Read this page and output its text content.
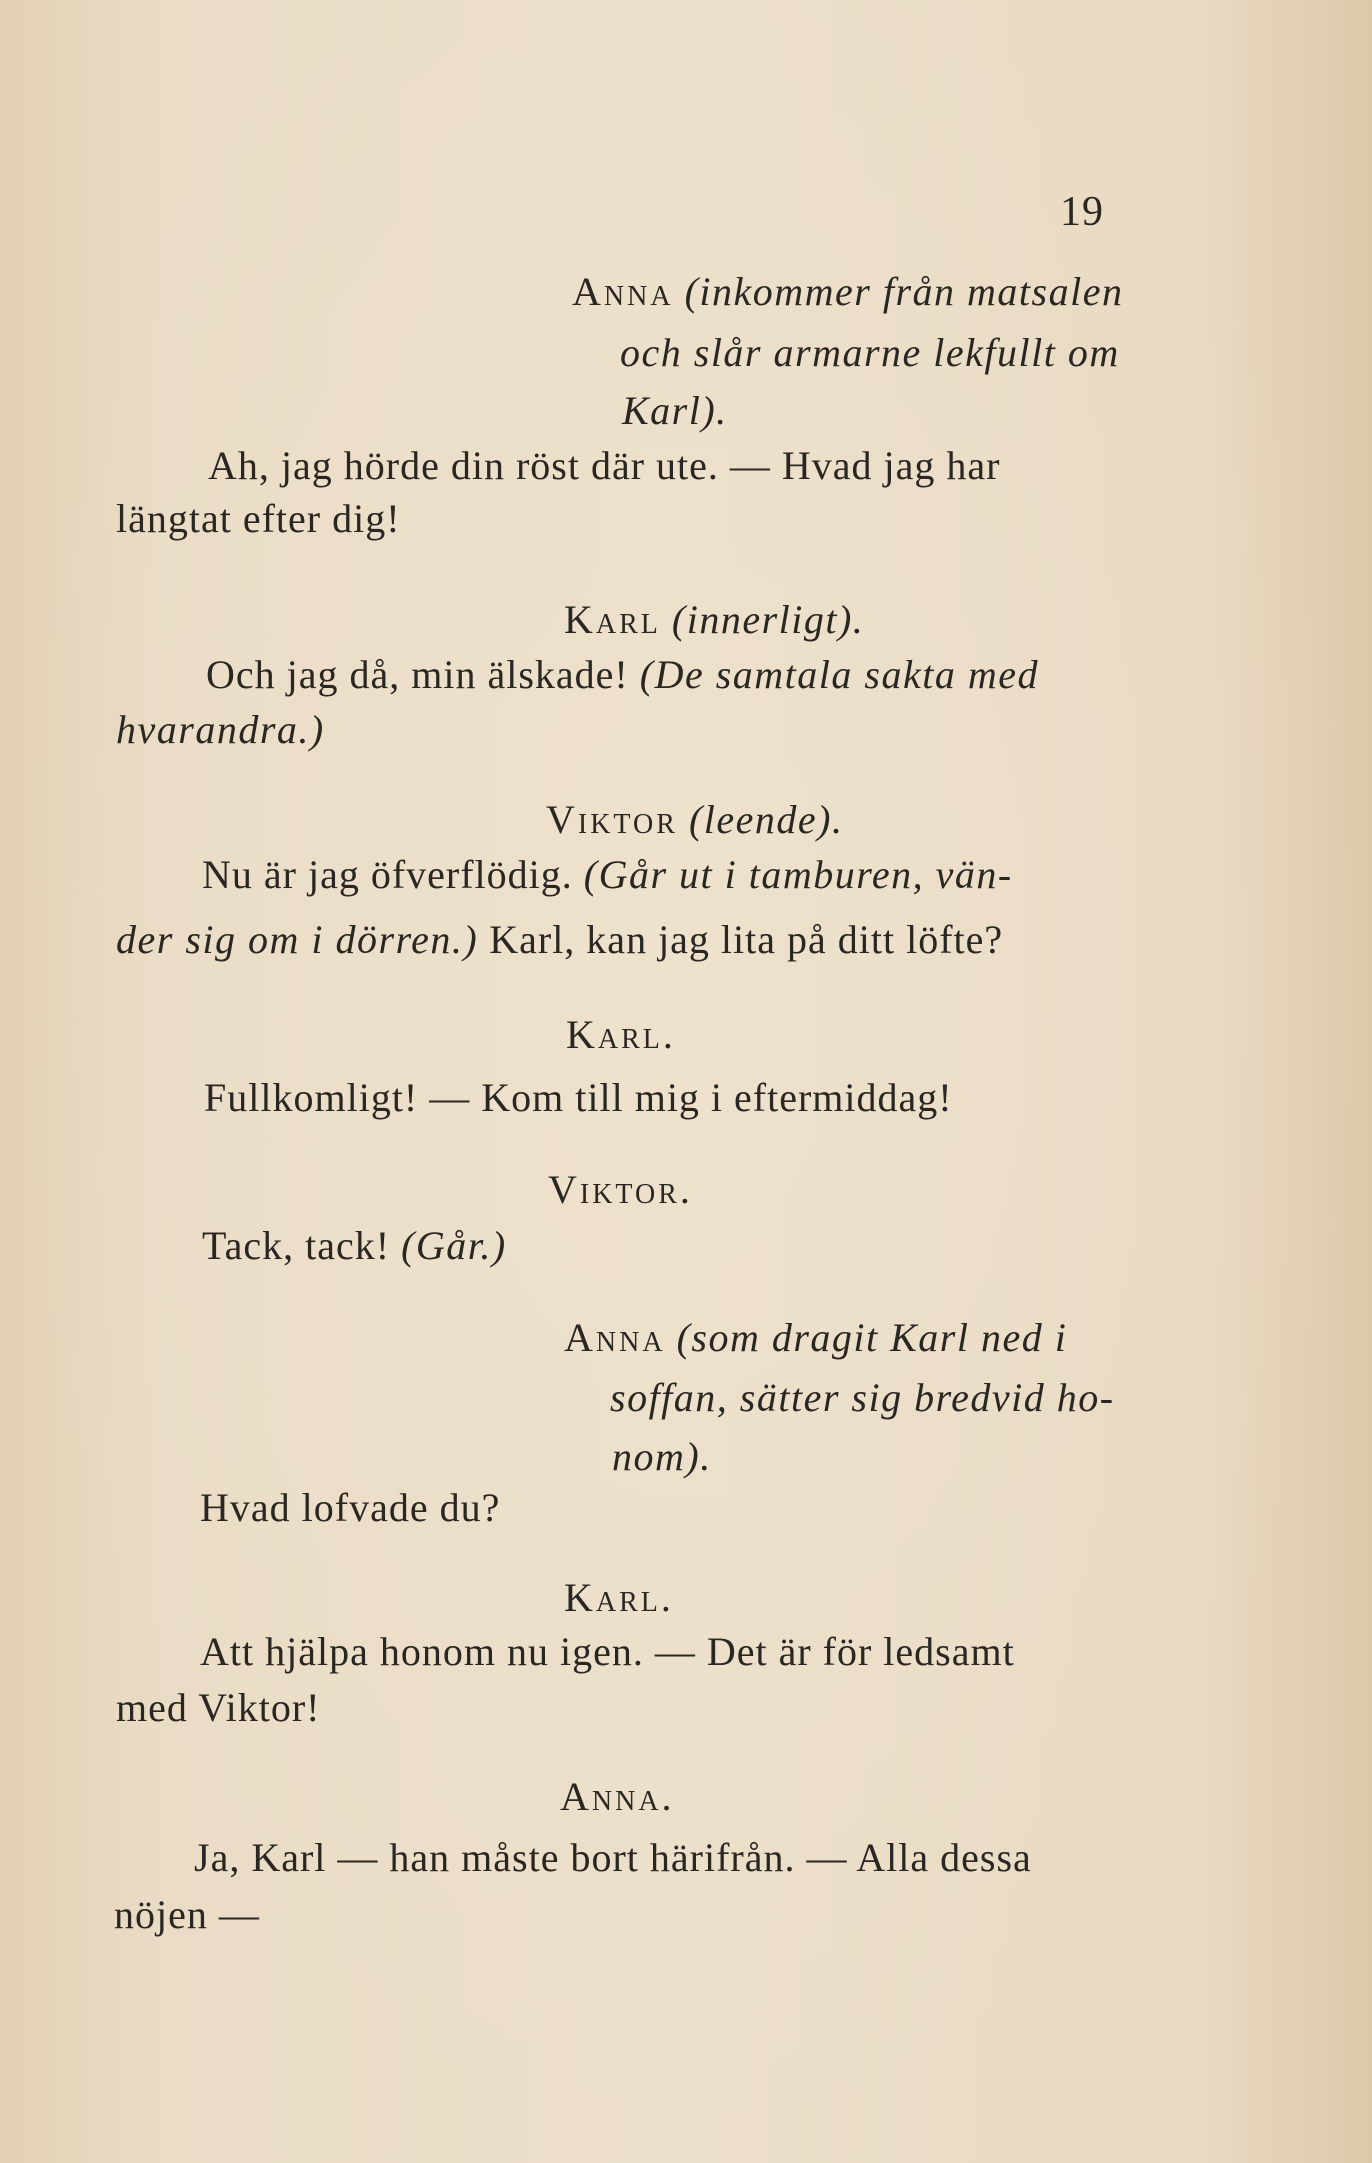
19
Anna (inkommer från matsalen
och slår armarne lekfullt om
Karl).
Ah, jag hörde din röst där ute. — Hvad jag har
längtat efter dig!
Karl (innerligt).
Och jag då, min älskade! (De samtala sakta med
hvarandra.)
Viktor (leende).
Nu är jag öfverflödig. (Går ut i tamburen, vän-
der sig om i dörren.) Karl, kan jag lita på ditt löfte?
Karl.
Fullkomligt! — Kom till mig i eftermiddag!
Viktor.
Tack, tack! (Går.)
Anna (som dragit Karl ned i
soffan, sätter sig bredvid ho-
nom).
Hvad lofvade du?
Karl.
Att hjälpa honom nu igen. — Det är för ledsamt
med Viktor!
Anna.
Ja, Karl — han måste bort härifrån. — Alla dessa
nöjen —
